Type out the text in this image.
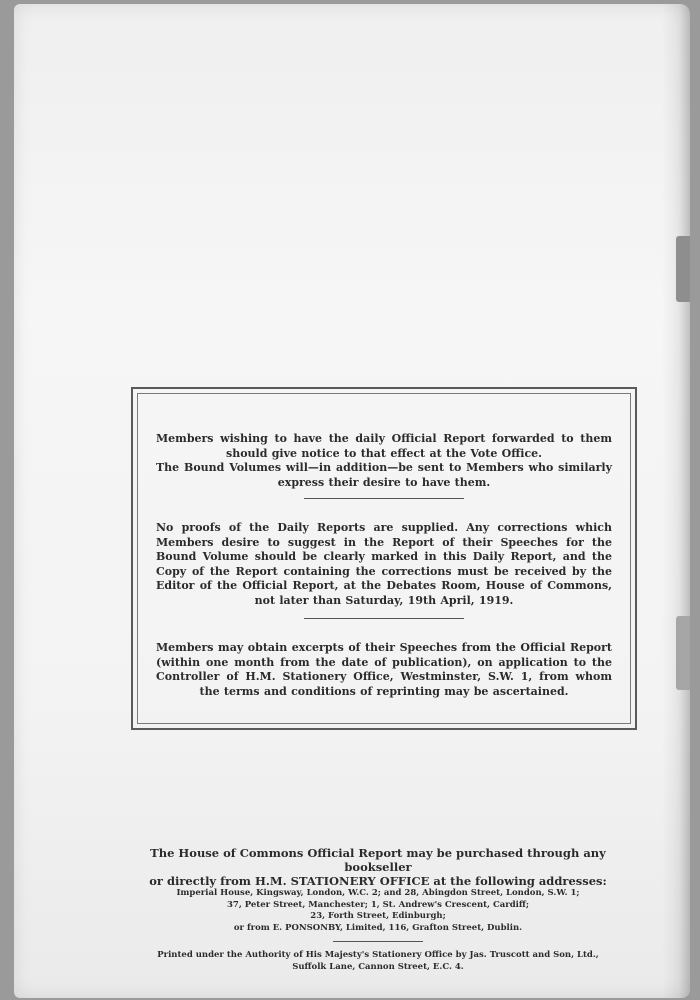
Members wishing to have the daily Official Report forwarded to them should give notice to that effect at the Vote Office.

The Bound Volumes will—in addition—be sent to Members who similarly express their desire to have them.

No proofs of the Daily Reports are supplied. Any corrections which Members desire to suggest in the Report of their Speeches for the Bound Volume should be clearly marked in this Daily Report, and the Copy of the Report containing the corrections must be received by the Editor of the Official Report, at the Debates Room, House of Commons, not later than Saturday, 19th April, 1919.

Members may obtain excerpts of their Speeches from the Official Report (within one month from the date of publication), on application to the Controller of H.M. Stationery Office, Westminster, S.W. 1, from whom the terms and conditions of reprinting may be ascertained.

The House of Commons Official Report may be purchased through any bookseller

or directly from H.M. STATIONERY OFFICE at the following addresses:

Imperial House, Kingsway, London, W.C. 2; and 28, Abingdon Street, London, S.W. 1;

37, Peter Street, Manchester; 1, St. Andrew's Crescent, Cardiff;

23, Forth Street, Edinburgh;

or from E. PONSONBY, Limited, 116, Grafton Street, Dublin.

Printed under the Authority of His Majesty's Stationery Office by Jas. Truscott and Son, Ltd.,

Suffolk Lane, Cannon Street, E.C. 4.
